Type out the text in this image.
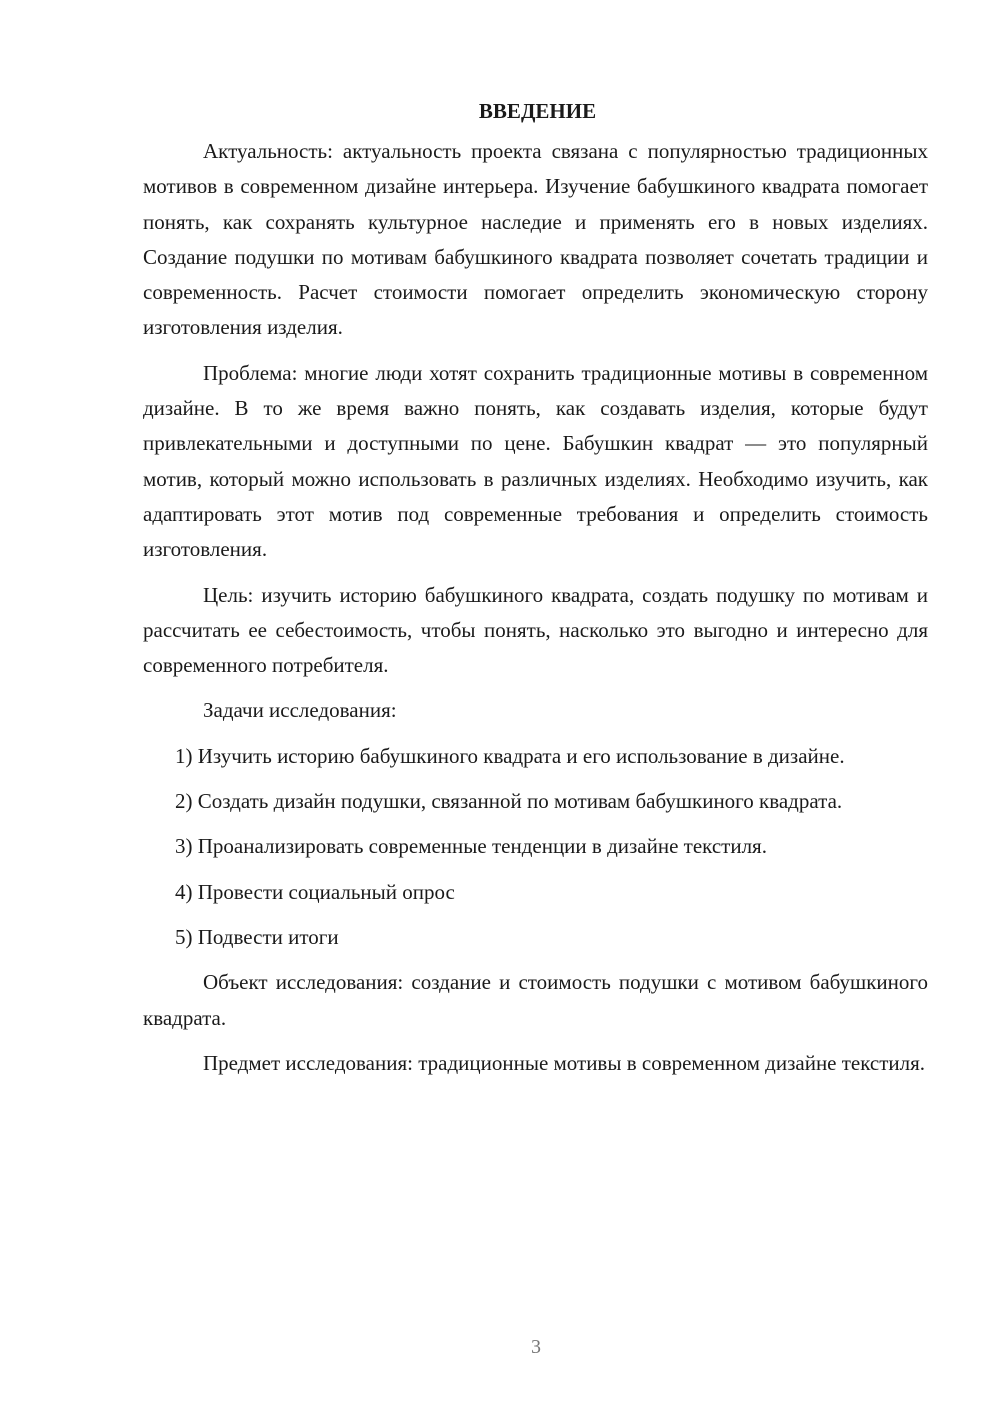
ВВЕДЕНИЕ

Актуальность: актуальность проекта связана с популярностью традиционных мотивов в современном дизайне интерьера. Изучение бабушкиного квадрата помогает понять, как сохранять культурное наследие и применять его в новых изделиях. Создание подушки по мотивам бабушкиного квадрата позволяет сочетать традиции и современность. Расчет стоимости помогает определить экономическую сторону изготовления изделия.

Проблема: многие люди хотят сохранить традиционные мотивы в современном дизайне. В то же время важно понять, как создавать изделия, которые будут привлекательными и доступными по цене. Бабушкин квадрат — это популярный мотив, который можно использовать в различных изделиях. Необходимо изучить, как адаптировать этот мотив под современные требования и определить стоимость изготовления.

Цель: изучить историю бабушкиного квадрата, создать подушку по мотивам и рассчитать ее себестоимость, чтобы понять, насколько это выгодно и интересно для современного потребителя.

Задачи исследования:

1) Изучить историю бабушкиного квадрата и его использование в дизайне.

2) Создать дизайн подушки, связанной по мотивам бабушкиного квадрата.

3) Проанализировать современные тенденции в дизайне текстиля.

4) Провести социальный опрос

5) Подвести итоги

Объект исследования: создание и стоимость подушки с мотивом бабушкиного квадрата.

Предмет исследования: традиционные мотивы в современном дизайне текстиля.

3
